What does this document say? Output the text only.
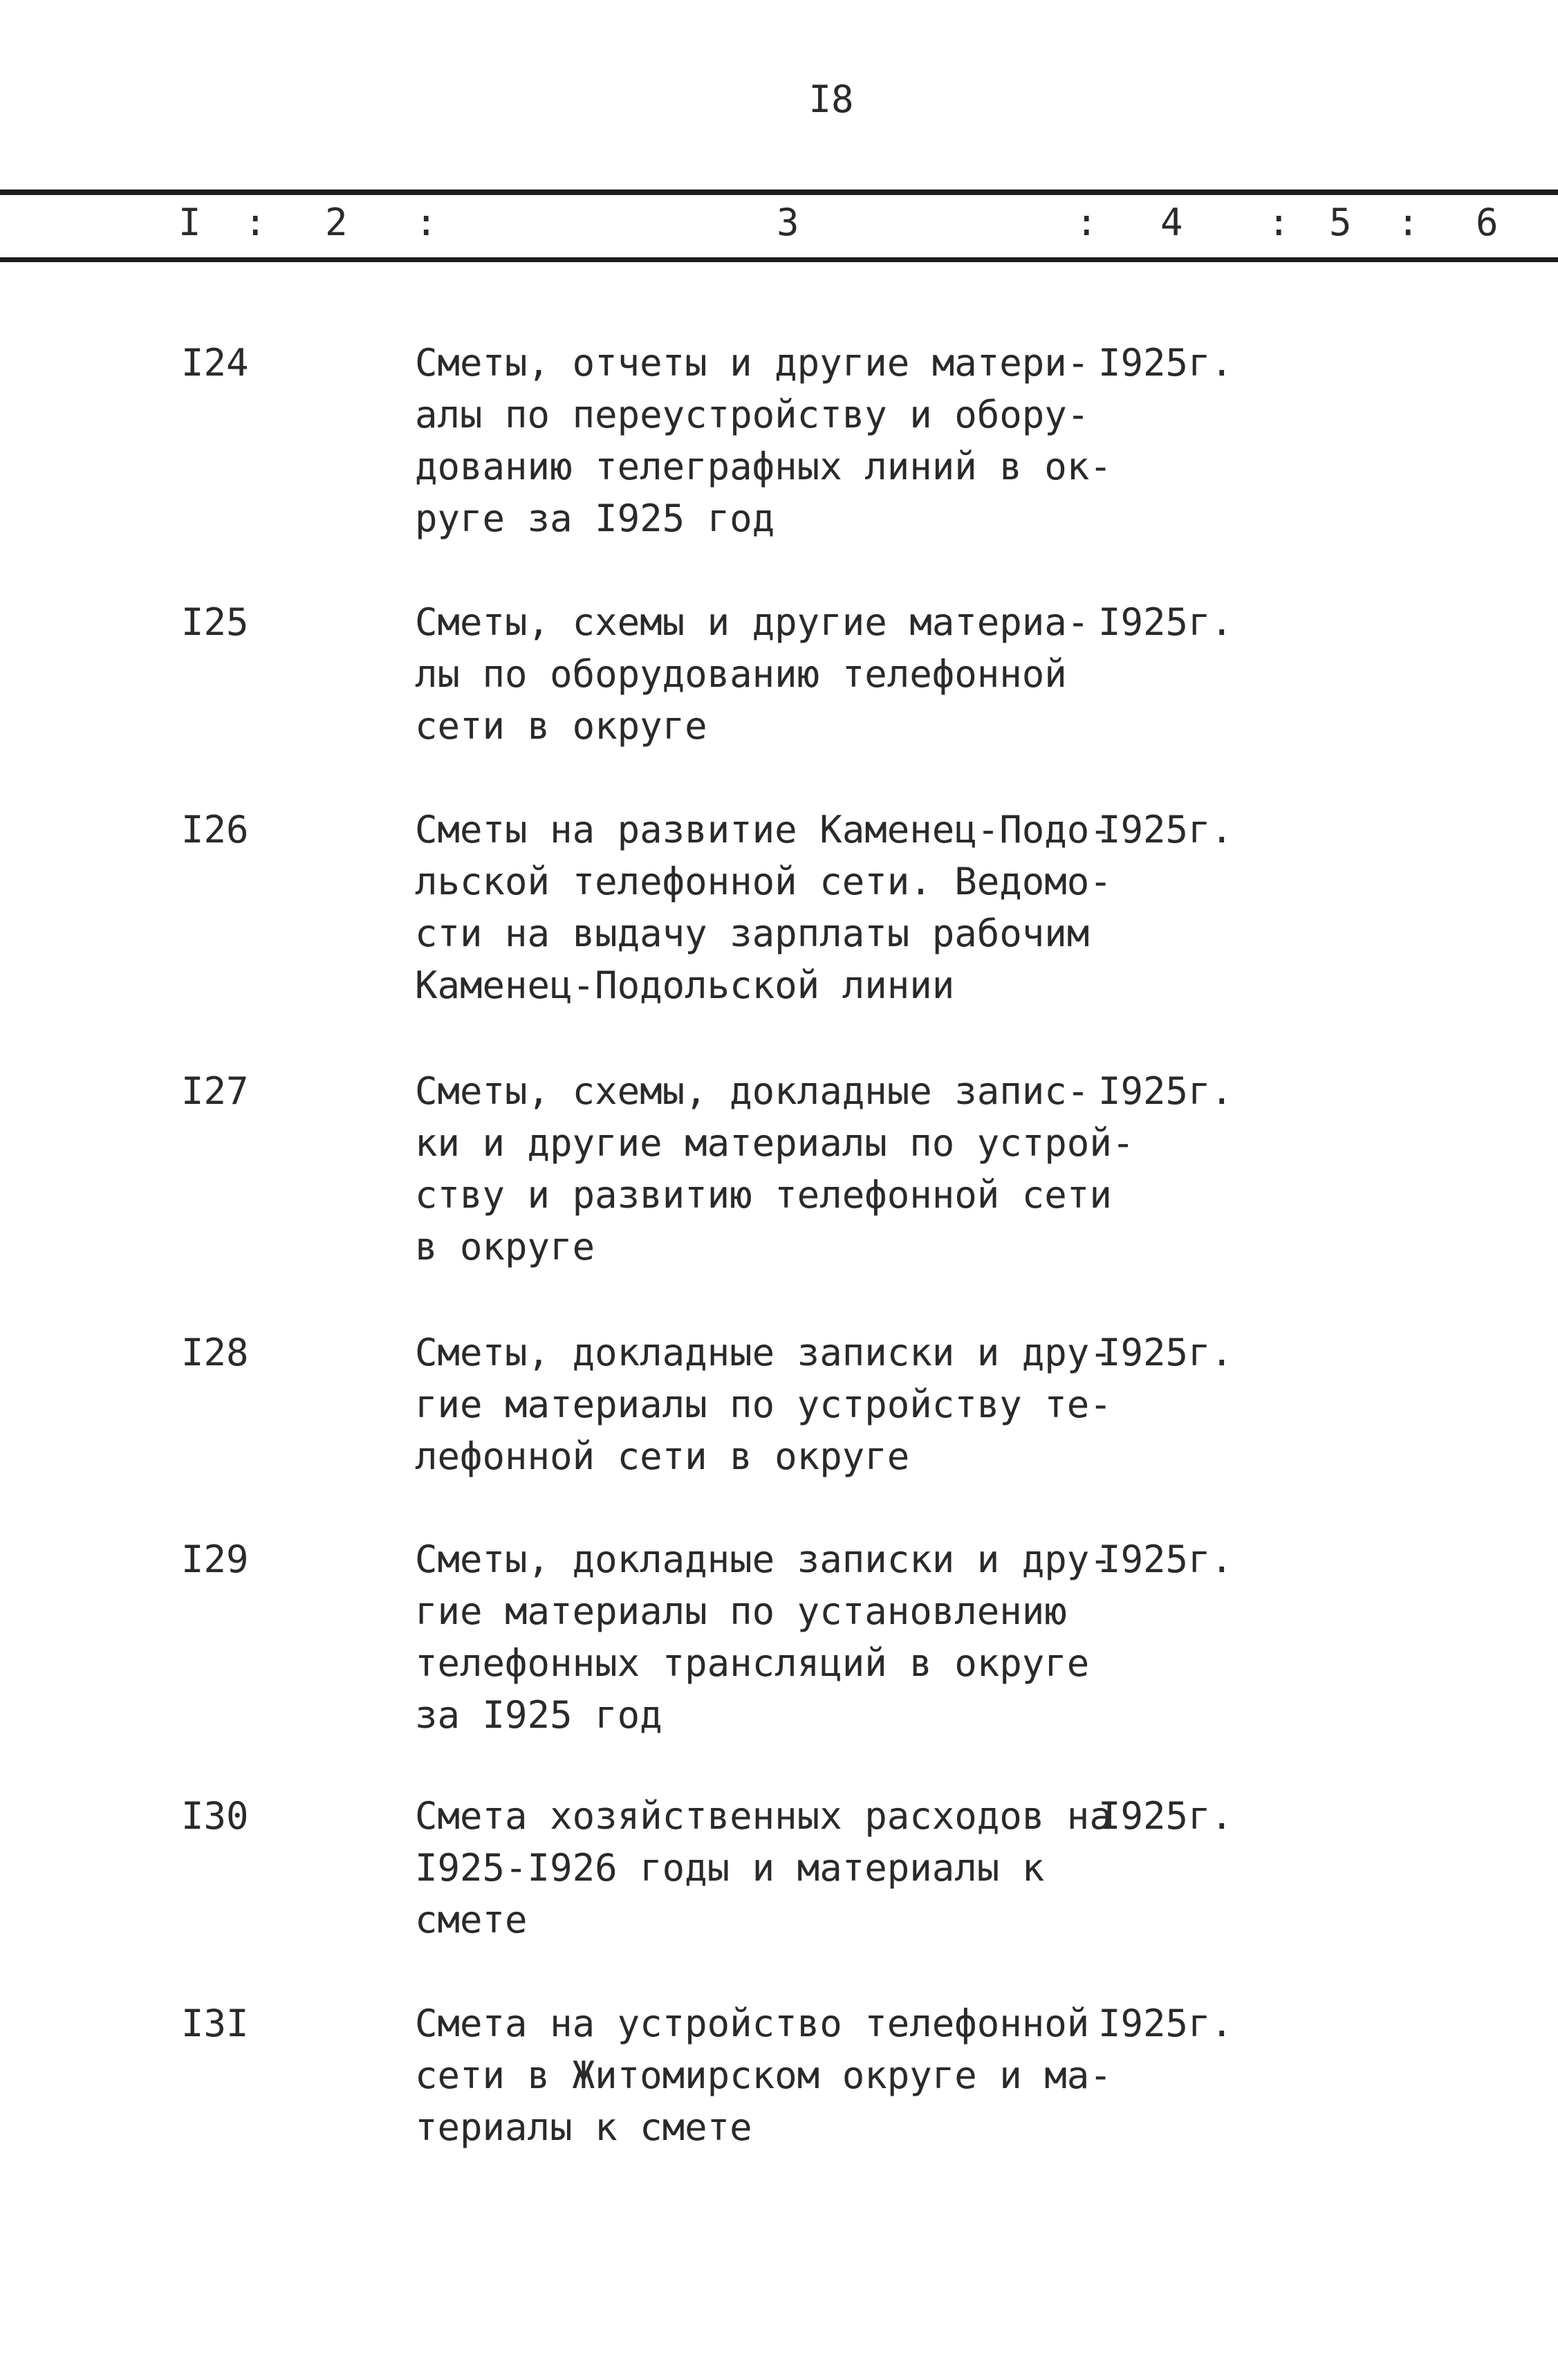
I8
I : 2 :	3	: 4 : 5 : 6
I24	Сметы, отчеты и другие матери-
алы по переустройству и обору-
дованию телеграфных линий в ок-
руге за I925 год
I925г.
I25	Сметы, схемы и другие материа-
лы по оборудованию телефонной
сети в округе
I925г.
I26	Сметы на развитие Каменец-Подо-
льской телефонной сети. Ведомо-
сти на выдачу зарплаты рабочим
Каменец-Подольской линии
I925г.
I27	Сметы, схемы, докладные запис-
ки и другие материалы по устрой-
ству и развитию телефонной сети
в округе
I925г.
I28	Сметы, докладные записки и дру-
гие материалы по устройству те-
лефонной сети в округе
I925г.
I29	Сметы, докладные записки и дру-
гие материалы по установлению
телефонных трансляций в округе
за I925 год
I925г.
I30	Смета хозяйственных расходов на
I925-I926 годы и материалы к
смете
I925г.
I3I	Смета на устройство телефонной
сети в Житомирском округе и ма-
териалы к смете
I925г.
